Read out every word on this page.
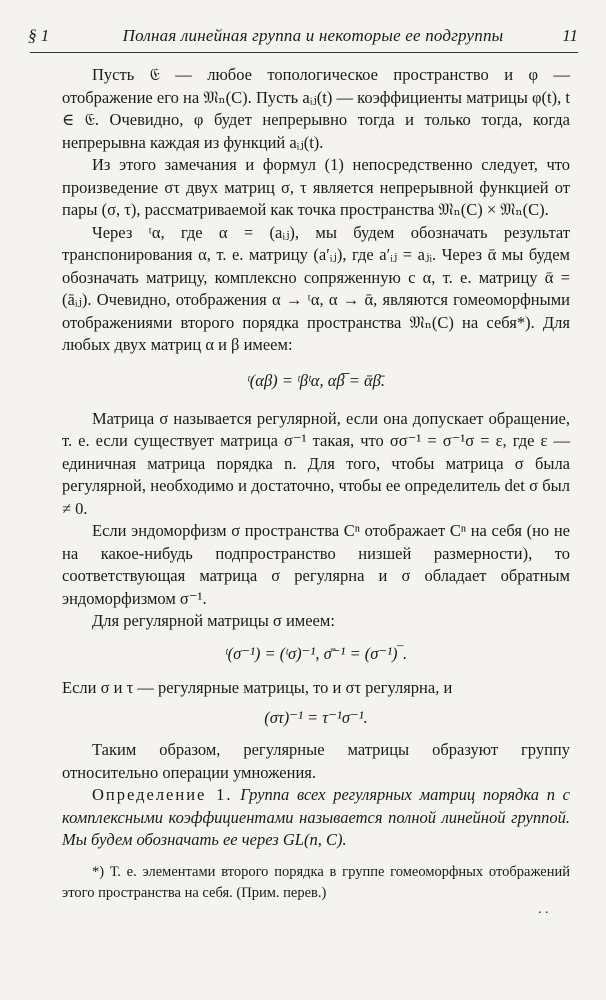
§ 1	Полная линейная группа и некоторые ее подгруппы	11

Пусть 𝔈 — любое топологическое пространство и φ — отображение его на 𝔐ₙ(C). Пусть aᵢⱼ(t) — коэффициенты матрицы φ(t), t ∈ 𝔈. Очевидно, φ будет непрерывно тогда и только тогда, когда непрерывна каждая из функций aᵢⱼ(t).

Из этого замечания и формул (1) непосредственно следует, что произведение στ двух матриц σ, τ является непрерывной функцией от пары (σ, τ), рассматриваемой как точка пространства 𝔐ₙ(C) × 𝔐ₙ(C).

Через ᵗα, где α = (aᵢⱼ), мы будем обозначать результат транспонирования α, т. е. матрицу (a′ᵢⱼ), где a′ᵢⱼ = aⱼᵢ. Через ᾱ мы будем обозначать матрицу, комплексно сопряженную с α, т. е. матрицу ᾱ = (āᵢⱼ). Очевидно, отображения α → ᵗα, α → ᾱ, являются гомеоморфными отображениями второго порядка пространства 𝔐ₙ(C) на себя*). Для любых двух матриц α и β имеем:

ᵗ(αβ) = ᵗβᵗα, αβ̅ = ᾱβ̄.

Матрица σ называется регулярной, если она допускает обращение, т. е. если существует матрица σ⁻¹ такая, что σσ⁻¹ = σ⁻¹σ = ε, где ε — единичная матрица порядка n. Для того, чтобы матрица σ была регулярной, необходимо и достаточно, чтобы ее определитель det σ был ≠ 0.

Если эндоморфизм σ пространства Cⁿ отображает Cⁿ на себя (но не на какое-нибудь подпространство низшей размерности), то соответствующая матрица σ регулярна и σ обладает обратным эндоморфизмом σ⁻¹.

Для регулярной матрицы σ имеем:

ᵗ(σ⁻¹) = (ᵗσ)⁻¹, σ̄⁻¹ = (σ⁻¹)‾.

Если σ и τ — регулярные матрицы, то и στ регулярна, и

(στ)⁻¹ = τ⁻¹σ⁻¹.

Таким образом, регулярные матрицы образуют группу относительно операции умножения.

Определение 1. Группа всех регулярных матриц порядка n с комплексными коэффициентами называется полной линейной группой. Мы будем обозначать ее через GL(n, C).

*) Т. е. элементами второго порядка в группе гомеоморфных отображений этого пространства на себя. (Прим. перев.)
. .
